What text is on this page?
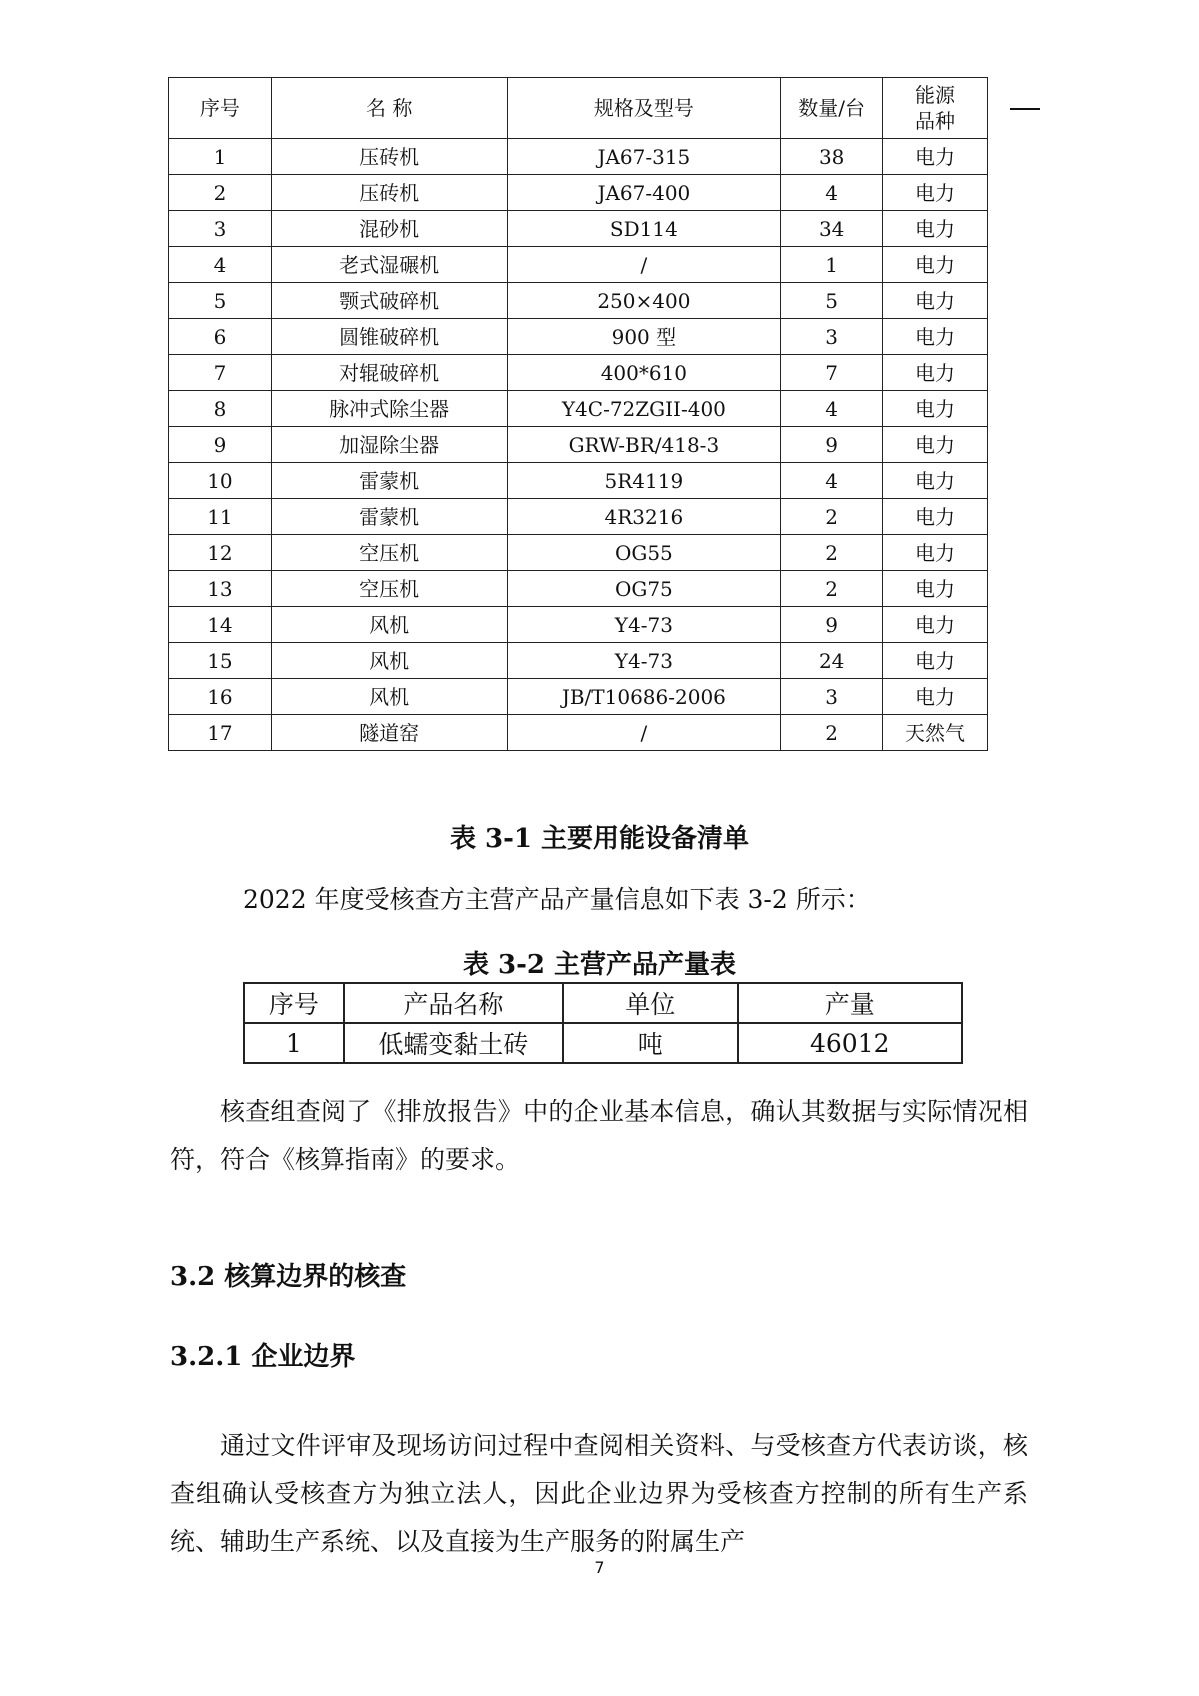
序号	名 称	规格及型号	数量/台	能源
品种
1	压砖机	JA67-315	38	电力
2	压砖机	JA67-400	4	电力
3	混砂机	SD114	34	电力
4	老式湿碾机	/	1	电力
5	颚式破碎机	250×400	5	电力
6	圆锥破碎机	900 型	3	电力
7	对辊破碎机	400*610	7	电力
8	脉冲式除尘器	Y4C-72ZGII-400	4	电力
9	加湿除尘器	GRW-BR/418-3	9	电力
10	雷蒙机	5R4119	4	电力
11	雷蒙机	4R3216	2	电力
12	空压机	OG55	2	电力
13	空压机	OG75	2	电力
14	风机	Y4-73	9	电力
15	风机	Y4-73	24	电力
16	风机	JB/T10686-2006	3	电力
17	隧道窑	/	2	天然气
表 3-1 主要用能设备清单
2022 年度受核查方主营产品产量信息如下表 3-2 所示：
表 3-2 主营产品产量表
序号	产品名称	单位	产量
1	低蠕变黏土砖	吨	46012
核查组查阅了《排放报告》中的企业基本信息，确认其数据与实际情况相符，符合《核算指南》的要求。
3.2 核算边界的核查
3.2.1 企业边界
通过文件评审及现场访问过程中查阅相关资料、与受核查方代表访谈，核查组确认受核查方为独立法人，因此企业边界为受核查方控制的所有生产系统、辅助生产系统、以及直接为生产服务的附属生产
7
